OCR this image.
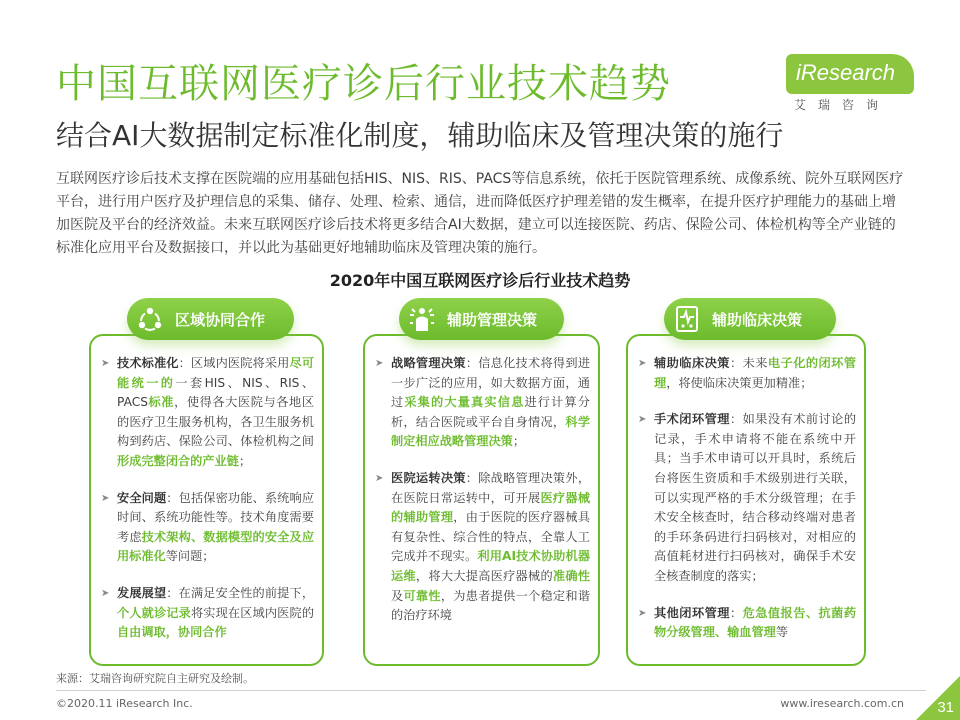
中国互联网医疗诊后行业技术趋势
结合AI大数据制定标准化制度，辅助临床及管理决策的施行
iResearch
艾瑞咨询
互联网医疗诊后技术支撑在医院端的应用基础包括HIS、NIS、RIS、PACS等信息系统，依托于医院管理系统、成像系统、院外互联网医疗平台，进行用户医疗及护理信息的采集、储存、处理、检索、通信，进而降低医疗护理差错的发生概率，在提升医疗护理能力的基础上增加医院及平台的经济效益。未来互联网医疗诊后技术将更多结合AI大数据，建立可以连接医院、药店、保险公司、体检机构等全产业链的标准化应用平台及数据接口，并以此为基础更好地辅助临床及管理决策的施行。
2020年中国互联网医疗诊后行业技术趋势
➤ 技术标准化：区域内医院将采用尽可能统一的一套HIS、NIS、RIS、PACS标准，使得各大医院与各地区的医疗卫生服务机构，各卫生服务机构到药店、保险公司、体检机构之间形成完整闭合的产业链；
➤ 安全问题：包括保密功能、系统响应时间、系统功能性等。技术角度需要考虑技术架构、数据模型的安全及应用标准化等问题；
➤ 发展展望：在满足安全性的前提下，个人就诊记录将实现在区域内医院的自由调取，协同合作
区域协同合作
➤ 战略管理决策：信息化技术将得到进一步广泛的应用，如大数据方面，通过采集的大量真实信息进行计算分析，结合医院或平台自身情况，科学制定相应战略管理决策；
➤ 医院运转决策：除战略管理决策外，在医院日常运转中，可开展医疗器械的辅助管理，由于医院的医疗器械具有复杂性、综合性的特点，全靠人工完成并不现实。利用AI技术协助机器运维，将大大提高医疗器械的准确性及可靠性，为患者提供一个稳定和谐的治疗环境
辅助管理决策
➤ 辅助临床决策：未来电子化的闭环管理，将使临床决策更加精准；
➤ 手术闭环管理：如果没有术前讨论的记录，手术申请将不能在系统中开具；当手术申请可以开具时，系统后台将医生资质和手术级别进行关联，可以实现严格的手术分级管理；在手术安全核查时，结合移动终端对患者的手环条码进行扫码核对，对相应的高值耗材进行扫码核对，确保手术安全核查制度的落实；
➤ 其他闭环管理：危急值报告、抗菌药物分级管理、输血管理等
辅助临床决策
来源：艾瑞咨询研究院自主研究及绘制。
©2020.11 iResearch Inc.	www.iresearch.com.cn 31
